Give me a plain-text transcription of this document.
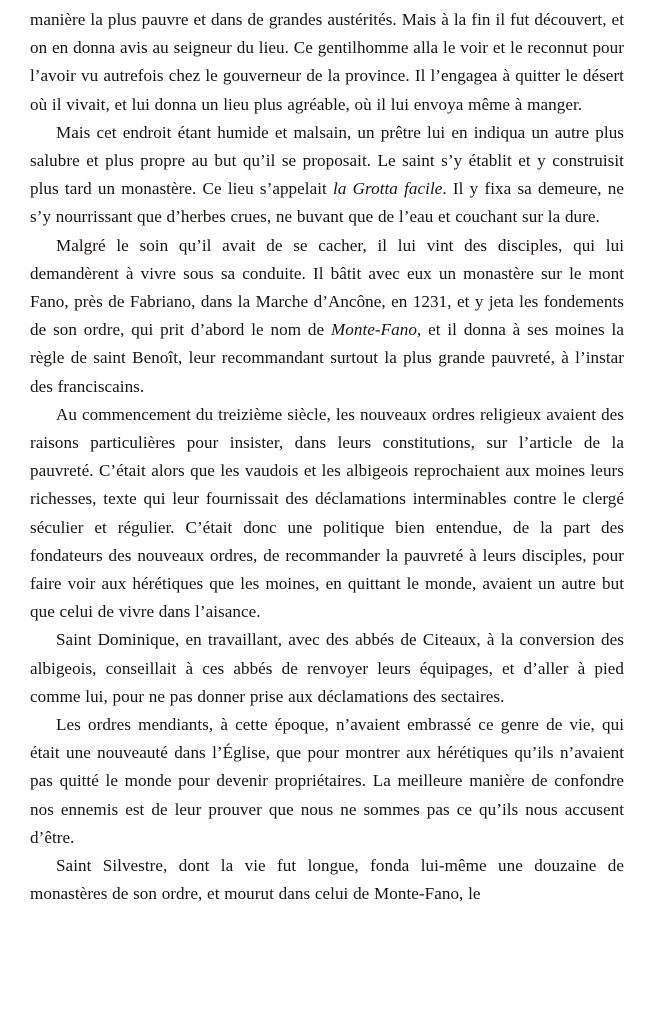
manière la plus pauvre et dans de grandes austérités. Mais à la fin il fut découvert, et on en donna avis au seigneur du lieu. Ce gentilhomme alla le voir et le reconnut pour l’avoir vu autrefois chez le gouverneur de la province. Il l’engagea à quitter le désert où il vivait, et lui donna un lieu plus agréable, où il lui envoya même à manger.

Mais cet endroit étant humide et malsain, un prêtre lui en indiqua un autre plus salubre et plus propre au but qu’il se proposait. Le saint s’y établit et y construisit plus tard un monastère. Ce lieu s’appelait la Grotta facile. Il y fixa sa demeure, ne s’y nourrissant que d’herbes crues, ne buvant que de l’eau et couchant sur la dure.

Malgré le soin qu’il avait de se cacher, il lui vint des disciples, qui lui demandèrent à vivre sous sa conduite. Il bâtit avec eux un monastère sur le mont Fano, près de Fabriano, dans la Marche d’Ancône, en 1231, et y jeta les fondements de son ordre, qui prit d’abord le nom de Monte-Fano, et il donna à ses moines la règle de saint Benoît, leur recommandant surtout la plus grande pauvreté, à l’instar des franciscains.

Au commencement du treizième siècle, les nouveaux ordres religieux avaient des raisons particulières pour insister, dans leurs constitutions, sur l’article de la pauvreté. C’était alors que les vaudois et les albigeois reprochaient aux moines leurs richesses, texte qui leur fournissait des déclamations interminables contre le clergé séculier et régulier. C’était donc une politique bien entendue, de la part des fondateurs des nouveaux ordres, de recommander la pauvreté à leurs disciples, pour faire voir aux hérétiques que les moines, en quittant le monde, avaient un autre but que celui de vivre dans l’aisance.

Saint Dominique, en travaillant, avec des abbés de Citeaux, à la conversion des albigeois, conseillait à ces abbés de renvoyer leurs équipages, et d’aller à pied comme lui, pour ne pas donner prise aux déclamations des sectaires.

Les ordres mendiants, à cette époque, n’avaient embrassé ce genre de vie, qui était une nouveauté dans l’Église, que pour montrer aux hérétiques qu’ils n’avaient pas quitté le monde pour devenir propriétaires. La meilleure manière de confondre nos ennemis est de leur prouver que nous ne sommes pas ce qu’ils nous accusent d’être.

Saint Silvestre, dont la vie fut longue, fonda lui-même une douzaine de monastères de son ordre, et mourut dans celui de Monte-Fano, le
